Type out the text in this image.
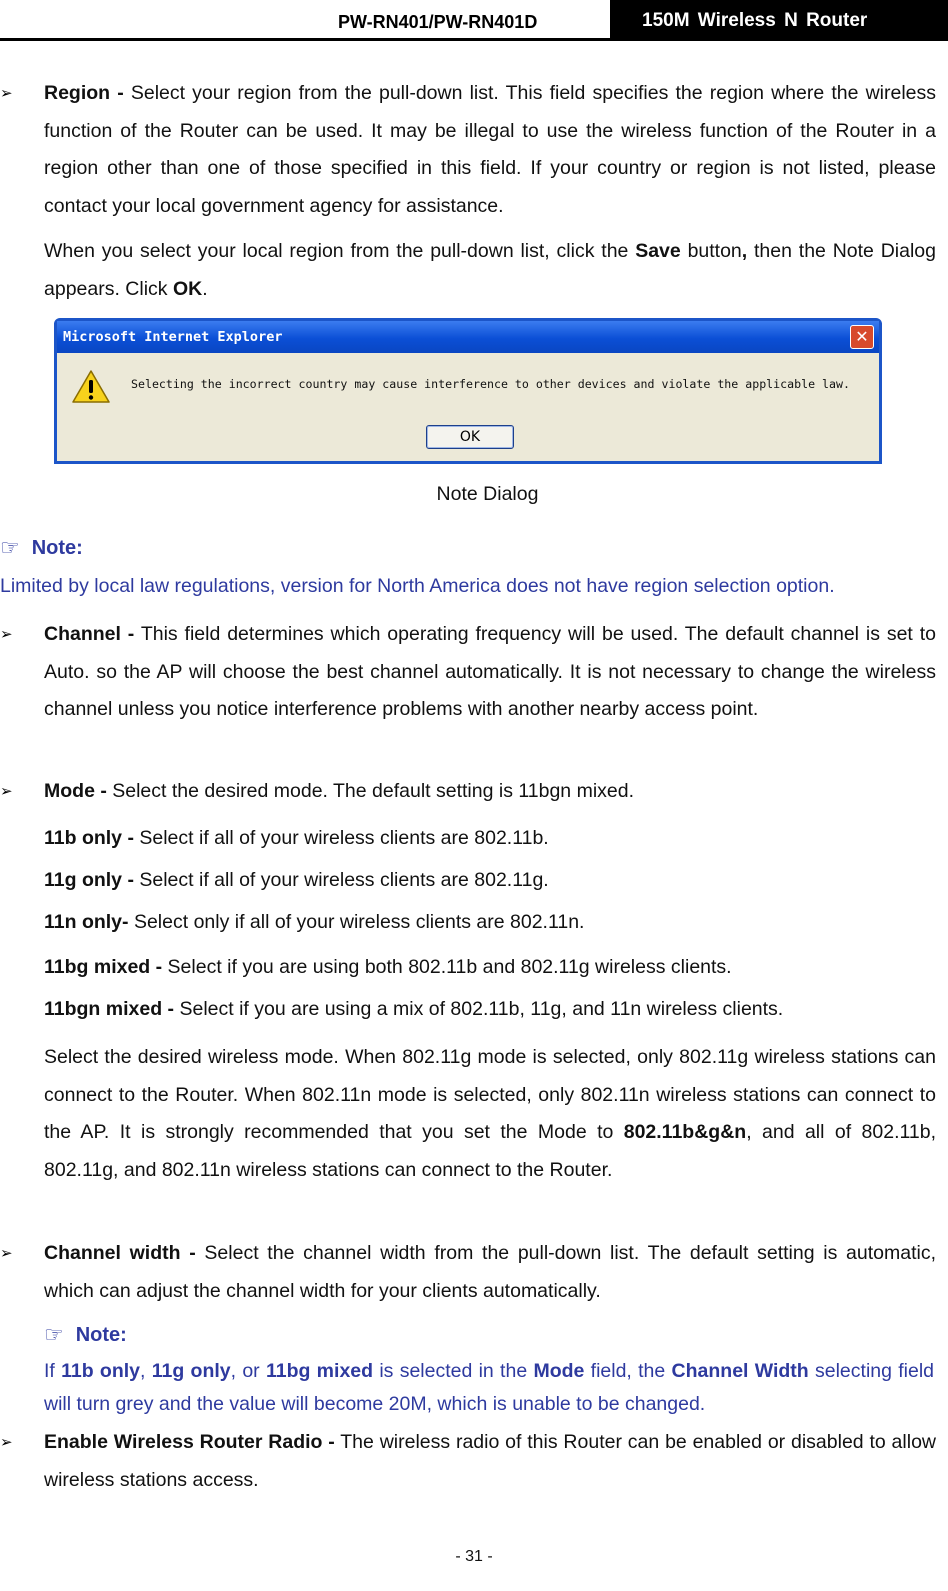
PW-RN401/PW-RN401D	150M Wireless N Router
➢	Region - Select your region from the pull-down list. This field specifies the region where the wireless function of the Router can be used. It may be illegal to use the wireless function of the Router in a region other than one of those specified in this field. If your country or region is not listed, please contact your local government agency for assistance.
When you select your local region from the pull-down list, click the Save button, then the Note Dialog appears. Click OK.
Microsoft Internet Explorer	✕
Selecting the incorrect country may cause interference to other devices and violate the applicable law.
OK
Note Dialog
☞ Note:
Limited by local law regulations, version for North America does not have region selection option.
➢	Channel - This field determines which operating frequency will be used. The default channel is set to Auto. so the AP will choose the best channel automatically. It is not necessary to change the wireless channel unless you notice interference problems with another nearby access point.
➢	Mode - Select the desired mode. The default setting is 11bgn mixed.
11b only - Select if all of your wireless clients are 802.11b.
11g only - Select if all of your wireless clients are 802.11g.
11n only- Select only if all of your wireless clients are 802.11n.
11bg mixed - Select if you are using both 802.11b and 802.11g wireless clients.
11bgn mixed - Select if you are using a mix of 802.11b, 11g, and 11n wireless clients.
Select the desired wireless mode. When 802.11g mode is selected, only 802.11g wireless stations can connect to the Router. When 802.11n mode is selected, only 802.11n wireless stations can connect to the AP. It is strongly recommended that you set the Mode to 802.11b&g&n, and all of 802.11b, 802.11g, and 802.11n wireless stations can connect to the Router.
➢	Channel width - Select the channel width from the pull-down list. The default setting is automatic, which can adjust the channel width for your clients automatically.
☞ Note:
If 11b only, 11g only, or 11bg mixed is selected in the Mode field, the Channel Width selecting field will turn grey and the value will become 20M, which is unable to be changed.
➢	Enable Wireless Router Radio - The wireless radio of this Router can be enabled or disabled to allow wireless stations access.
- 31 -
